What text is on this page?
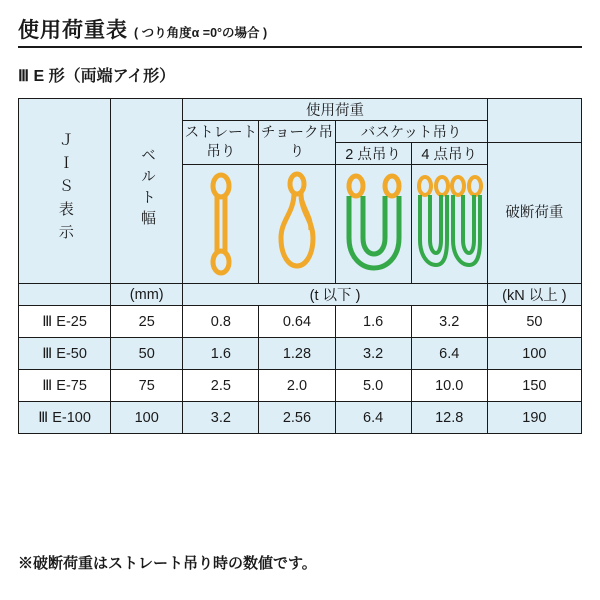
使用荷重表 ( つり角度α =0°の場合 )
Ⅲ E 形（両端アイ形）
ＪＩＳ表示	ベルト幅	使用荷重				
		ストレート吊り	チョーク吊り	バスケット吊り		
				2 点吊り	4 点吊り	破断荷重

	(mm)	(t 以下 )				(kN 以上 )
Ⅲ E-25	25	0.8	0.64	1.6	3.2	50
Ⅲ E-50	50	1.6	1.28	3.2	6.4	100
Ⅲ E-75	75	2.5	2.0	5.0	10.0	150
Ⅲ E-100	100	3.2	2.56	6.4	12.8	190
※破断荷重はストレート吊り時の数値です。
